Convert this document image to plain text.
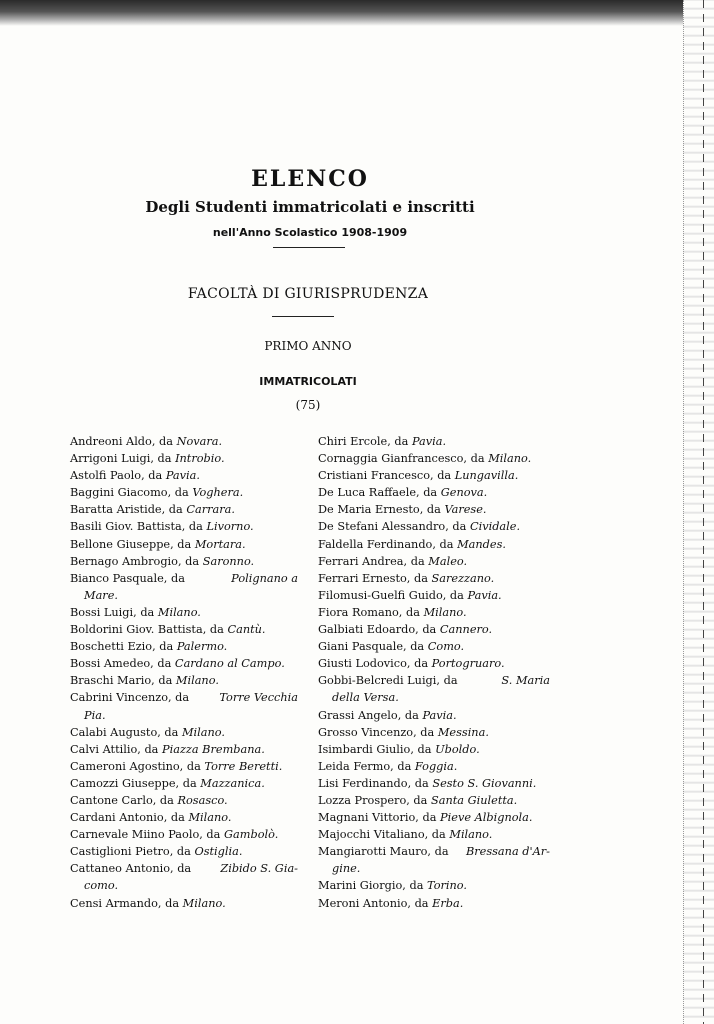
ELENCO
Degli Studenti immatricolati e inscritti
nell'Anno Scolastico 1908-1909
FACOLTÀ DI GIURISPRUDENZA
PRIMO ANNO
IMMATRICOLATI
(75)
Andreoni Aldo, da Novara.
Arrigoni Luigi, da Introbio.
Astolfi Paolo, da Pavia.
Baggini Giacomo, da Voghera.
Baratta Aristide, da Carrara.
Basili Giov. Battista, da Livorno.
Bellone Giuseppe, da Mortara.
Bernago Ambrogio, da Saronno.
Bianco Pasquale, da	Polignano a
Mare.
Bossi Luigi, da Milano.
Boldorini Giov. Battista, da Cantù.
Boschetti Ezio, da Palermo.
Bossi Amedeo, da Cardano al Campo.
Braschi Mario, da Milano.
Cabrini Vincenzo, da	Torre Vecchia
Pia.
Calabi Augusto, da Milano.
Calvi Attilio, da Piazza Brembana.
Cameroni Agostino, da Torre Beretti.
Camozzi Giuseppe, da Mazzanica.
Cantone Carlo, da Rosasco.
Cardani Antonio, da Milano.
Carnevale Miino Paolo, da Gambolò.
Castiglioni Pietro, da Ostiglia.
Cattaneo Antonio, da	Zibido S. Gia-
como.
Censi Armando, da Milano.
Chiri Ercole, da Pavia.
Cornaggia Gianfrancesco, da Milano.
Cristiani Francesco, da Lungavilla.
De Luca Raffaele, da Genova.
De Maria Ernesto, da Varese.
De Stefani Alessandro, da Cividale.
Faldella Ferdinando, da Mandes.
Ferrari Andrea, da Maleo.
Ferrari Ernesto, da Sarezzano.
Filomusi-Guelfi Guido, da Pavia.
Fiora Romano, da Milano.
Galbiati Edoardo, da Cannero.
Giani Pasquale, da Como.
Giusti Lodovico, da Portogruaro.
Gobbi-Belcredi Luigi, da	S. Maria
della Versa.
Grassi Angelo, da Pavia.
Grosso Vincenzo, da Messina.
Isimbardi Giulio, da Uboldo.
Leida Fermo, da Foggia.
Lisi Ferdinando, da Sesto S. Giovanni.
Lozza Prospero, da Santa Giuletta.
Magnani Vittorio, da Pieve Albignola.
Majocchi Vitaliano, da Milano.
Mangiarotti Mauro, da Bressana d'Ar-
gine.
Marini Giorgio, da Torino.
Meroni Antonio, da Erba.
